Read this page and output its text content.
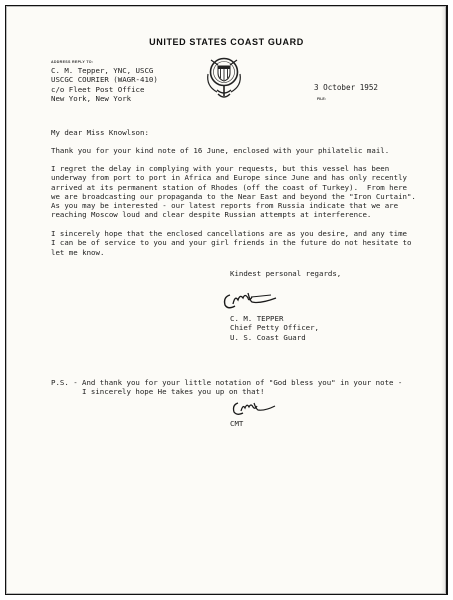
UNITED STATES COAST GUARD
ADDRESS REPLY TO:
C. M. Tepper, YNC, USCG
USCGC COURIER (WAGR-410)
c/o Fleet Post Office
New York, New York
3 October 1952
FILE:
My dear Miss Knowlson:
Thank you for your kind note of 16 June, enclosed with your philatelic mail.
I regret the delay in complying with your requests, but this vessel has been
underway from port to port in Africa and Europe since June and has only recently
arrived at its permanent station of Rhodes (off the coast of Turkey).  From here
we are broadcasting our propaganda to the Near East and beyond the "Iron Curtain".
As you may be interested - our latest reports from Russia indicate that we are
reaching Moscow loud and clear despite Russian attempts at interference.
I sincerely hope that the enclosed cancellations are as you desire, and any time
I can be of service to you and your girl friends in the future do not hesitate to
let me know.
Kindest personal regards,
C. M. TEPPER
Chief Petty Officer,
U. S. Coast Guard
P.S. - And thank you for your little notation of "God bless you" in your note -
I sincerely hope He takes you up on that!
CMT
